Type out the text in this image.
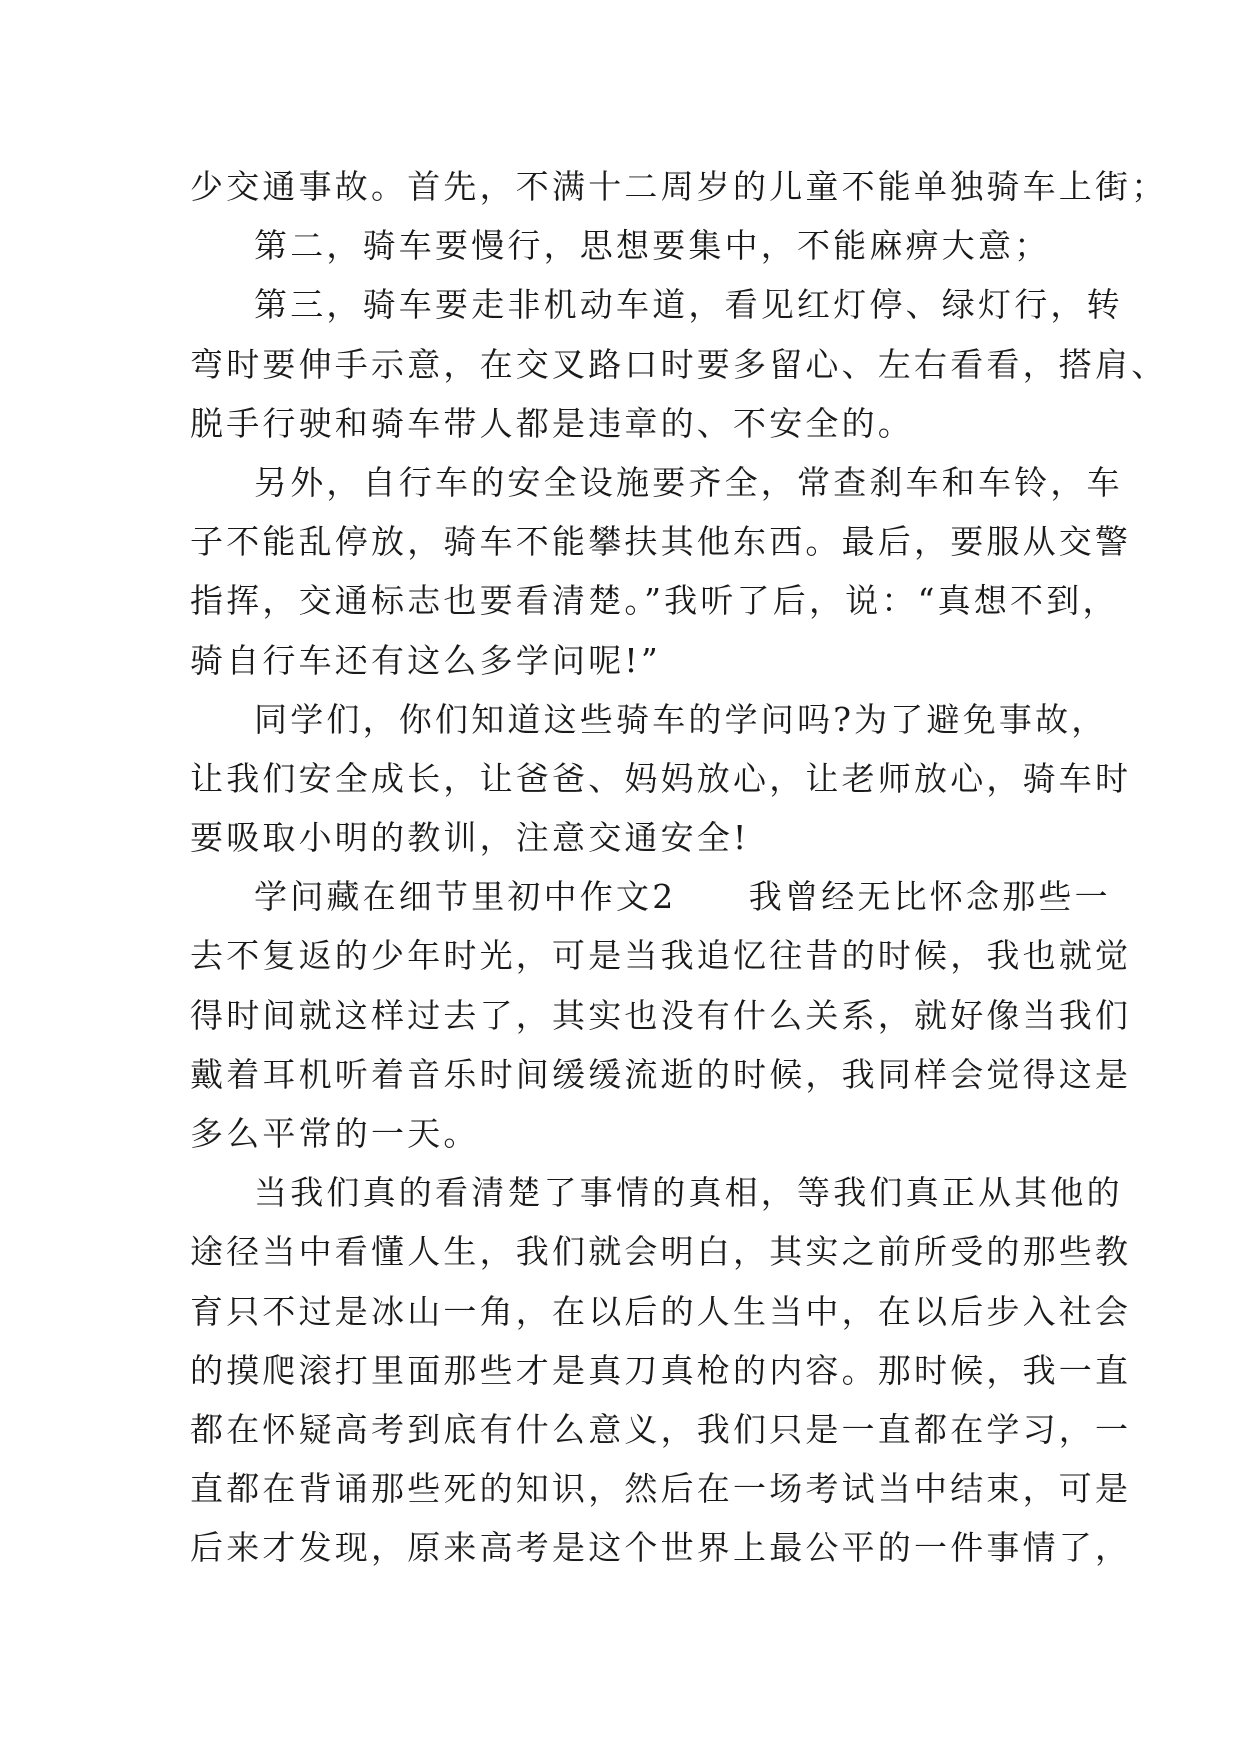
少交通事故。首先，不满十二周岁的儿童不能单独骑车上街；
第二，骑车要慢行，思想要集中，不能麻痹大意；
第三，骑车要走非机动车道，看见红灯停、绿灯行，转
弯时要伸手示意，在交叉路口时要多留心、左右看看，搭肩、
脱手行驶和骑车带人都是违章的、不安全的。
另外，自行车的安全设施要齐全，常查刹车和车铃，车
子不能乱停放，骑车不能攀扶其他东西。最后，要服从交警
指挥，交通标志也要看清楚。”我听了后，说：“真想不到，
骑自行车还有这么多学问呢!”
同学们，你们知道这些骑车的学问吗?为了避免事故，
让我们安全成长，让爸爸、妈妈放心，让老师放心，骑车时
要吸取小明的教训，注意交通安全!
学问藏在细节里初中作文2　　我曾经无比怀念那些一
去不复返的少年时光，可是当我追忆往昔的时候，我也就觉
得时间就这样过去了，其实也没有什么关系，就好像当我们
戴着耳机听着音乐时间缓缓流逝的时候，我同样会觉得这是
多么平常的一天。
当我们真的看清楚了事情的真相，等我们真正从其他的
途径当中看懂人生，我们就会明白，其实之前所受的那些教
育只不过是冰山一角，在以后的人生当中，在以后步入社会
的摸爬滚打里面那些才是真刀真枪的内容。那时候，我一直
都在怀疑高考到底有什么意义，我们只是一直都在学习，一
直都在背诵那些死的知识，然后在一场考试当中结束，可是
后来才发现，原来高考是这个世界上最公平的一件事情了，
